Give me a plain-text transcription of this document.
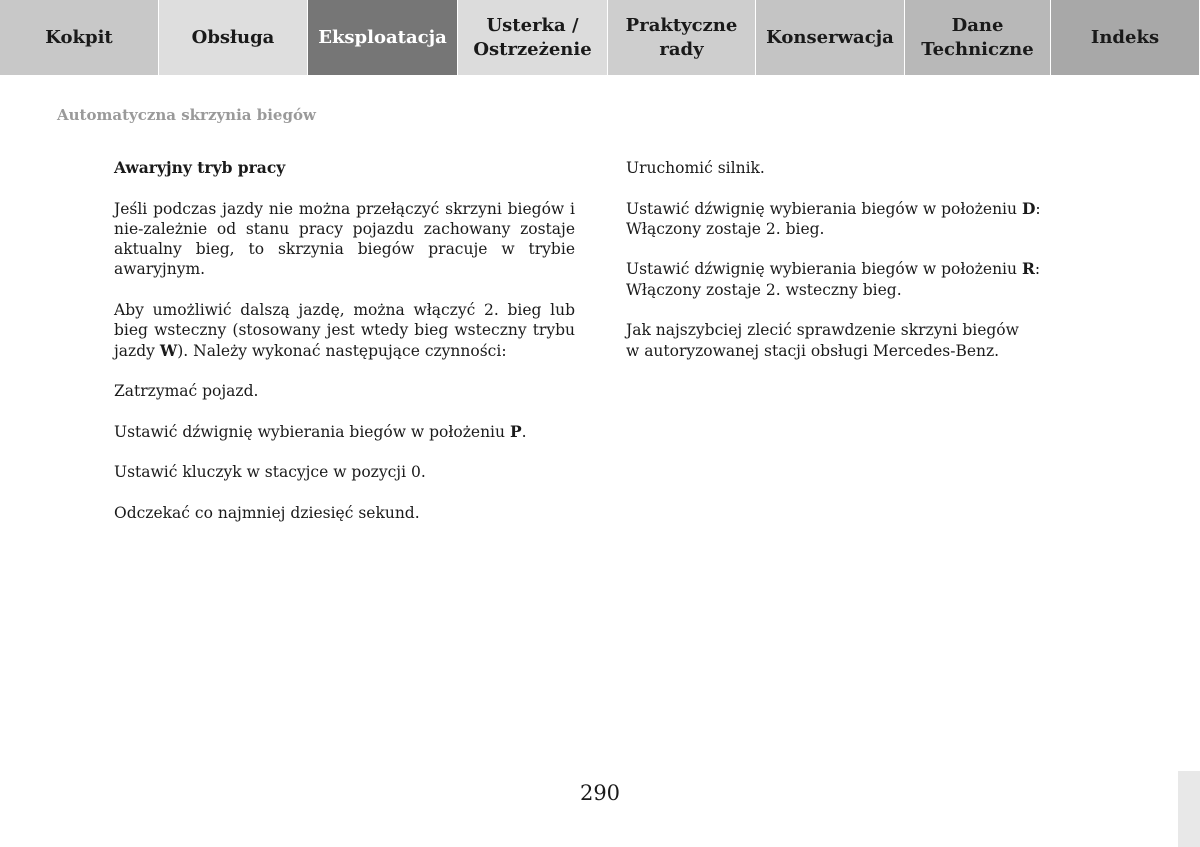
Kokpit	Obsługa Eksploatacja
Usterka /
Ostrzeżenie
Praktyczne
rady
Konserwacja
Dane
Techniczne
Indeks
Automatyczna skrzynia biegów

Awaryjny tryb pracy

Jeśli podczas jazdy nie można przełączyć skrzyni biegów i nie-zależnie od stanu pracy pojazdu zachowany zostaje aktualny bieg, to skrzynia biegów pracuje w trybie awaryjnym.

Aby umożliwić dalszą jazdę, można włączyć 2. bieg lub bieg wsteczny (stosowany jest wtedy bieg wsteczny trybu jazdy W). Należy wykonać następujące czynności:

Zatrzymać pojazd.

Ustawić dźwignię wybierania biegów w położeniu P.

Ustawić kluczyk w stacyjce w pozycji 0.

Odczekać co najmniej dziesięć sekund.

Uruchomić silnik.

Ustawić dźwignię wybierania biegów w położeniu D:
Włączony zostaje 2. bieg.

Ustawić dźwignię wybierania biegów w położeniu R:
Włączony zostaje 2. wsteczny bieg.

Jak najszybciej zlecić sprawdzenie skrzyni biegów
w autoryzowanej stacji obsługi Mercedes-Benz.

290
